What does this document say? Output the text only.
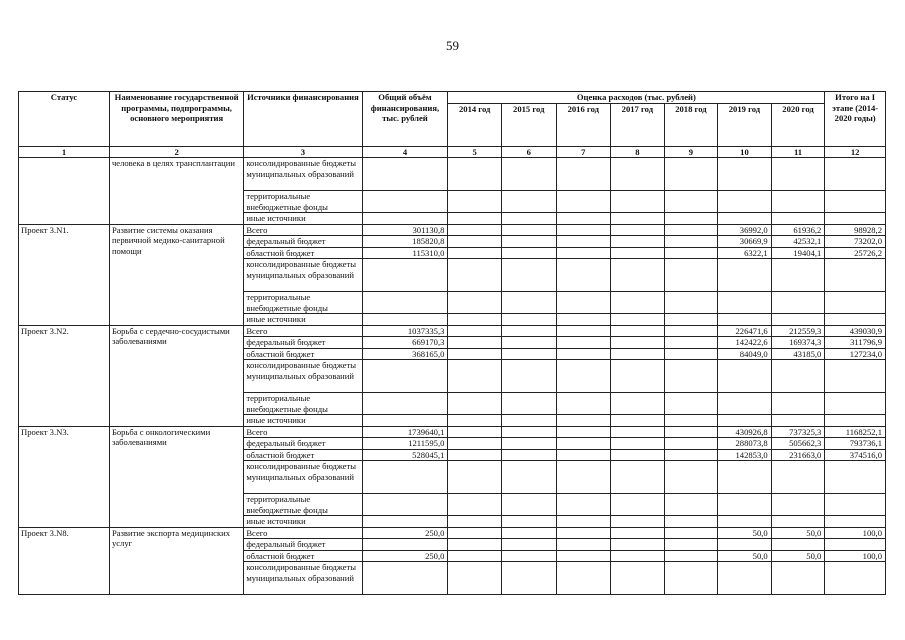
59
Статус	Наименование государственной программы, подпрограммы, основного мероприятия	Источники финансирования	Общий объём финансирования, тыс. рублей	Оценка расходов (тыс. рублей)							Итого на I этапе (2014-2020 годы)
				2014 год	2015 год	2016 год	2017 год	2018 год	2019 год	2020 год	
1	2	3	4	5	6	7	8	9	10	11	12
	человека в целях трансплантации	консолидированные бюджеты муниципальных образований									
		территориальные внебюджетные фонды									
		иные источники									
Проект 3.N1.	Развитие системы оказания первичной медико-санитарной помощи	Всего	301130,8						36992,0	61936,2	98928,2
		федеральный бюджет	185820,8						30669,9	42532,1	73202,0
		областной бюджет	115310,0						6322,1	19404,1	25726,2
		консолидированные бюджеты муниципальных образований									
		территориальные внебюджетные фонды									
		иные источники									
Проект 3.N2.	Борьба с сердечно-сосудистыми заболеваниями	Всего	1037335,3						226471,6	212559,3	439030,9
		федеральный бюджет	669170,3						142422,6	169374,3	311796,9
		областной бюджет	368165,0						84049,0	43185,0	127234,0
		консолидированные бюджеты муниципальных образований									
		территориальные внебюджетные фонды									
		иные источники									
Проект 3.N3.	Борьба с онкологическими заболеваниями	Всего	1739640,1						430926,8	737325,3	1168252,1
		федеральный бюджет	1211595,0						288073,8	505662,3	793736,1
		областной бюджет	528045,1						142853,0	231663,0	374516,0
		консолидированные бюджеты муниципальных образований									
		территориальные внебюджетные фонды									
		иные источники									
Проект 3.N8.	Развитие экспорта медицинских услуг	Всего	250,0						50,0	50,0	100,0
		федеральный бюджет									
		областной бюджет	250,0						50,0	50,0	100,0
		консолидированные бюджеты муниципальных образований									
